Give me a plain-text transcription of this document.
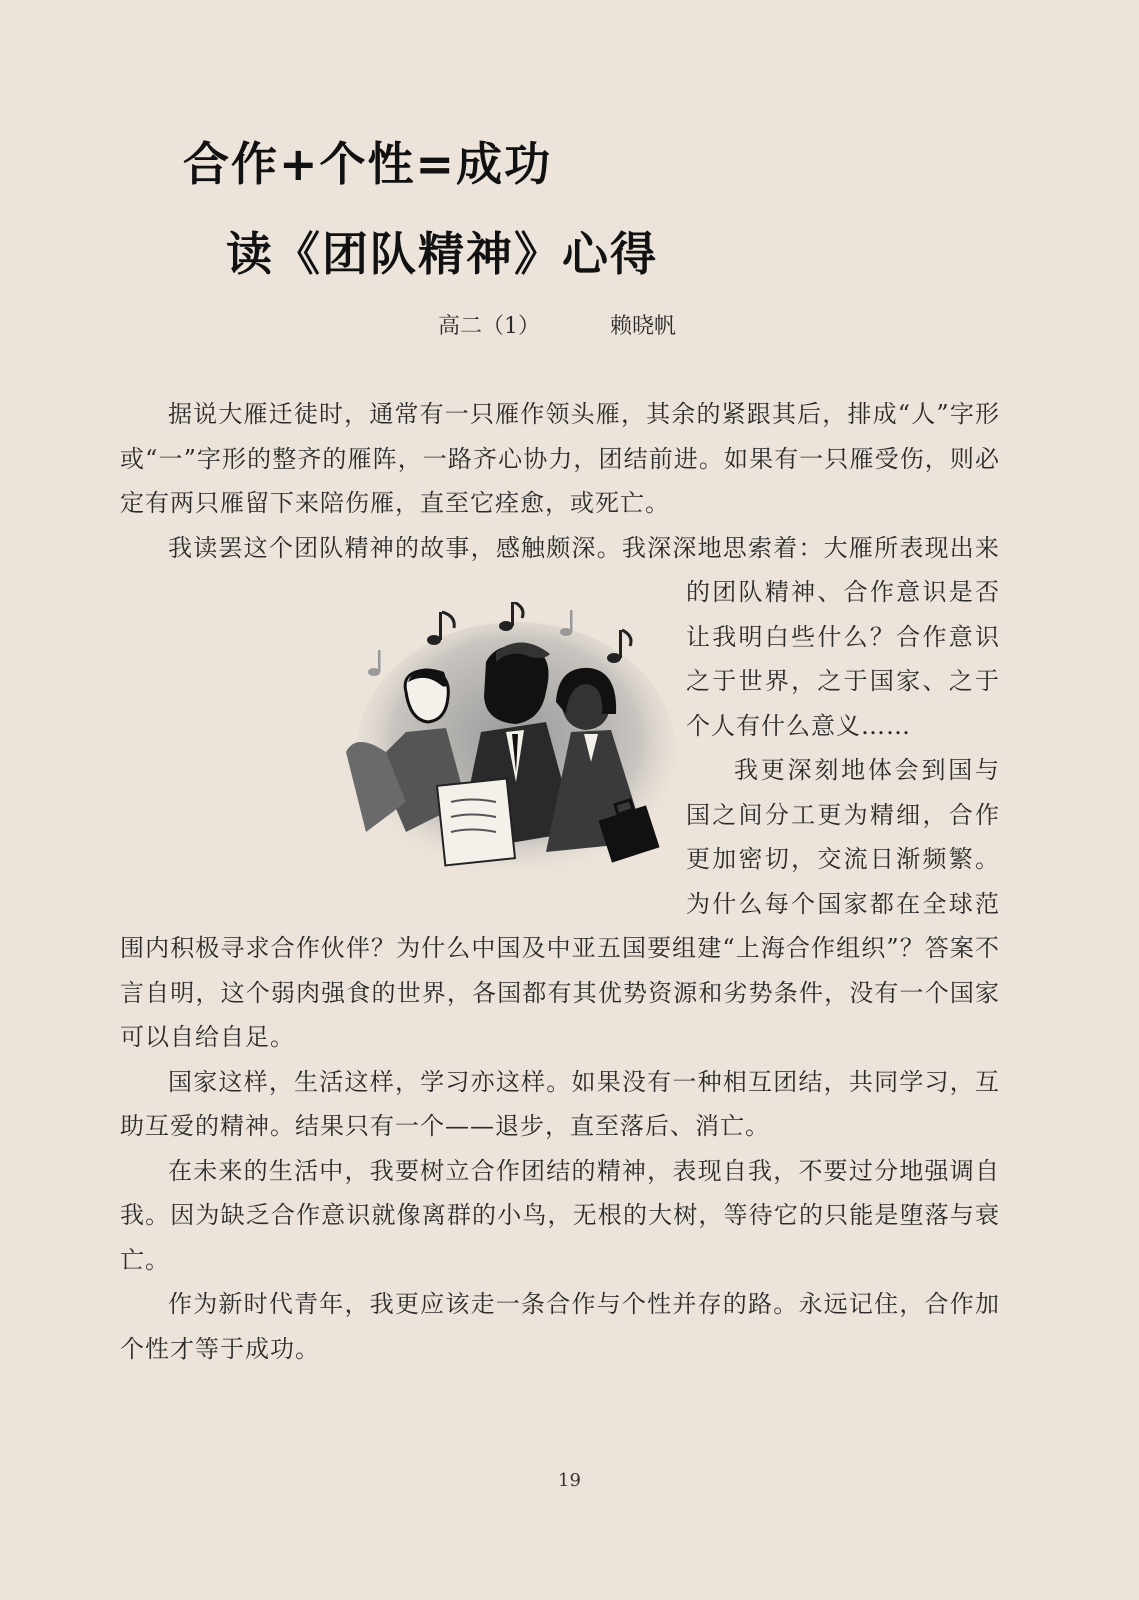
合作+个性=成功
读《团队精神》心得
高二（1）	赖晓帆

据说大雁迁徒时，通常有一只雁作领头雁，其余的紧跟其后，排成“人”字形或“一”字形的整齐的雁阵，一路齐心协力，团结前进。如果有一只雁受伤，则必定有两只雁留下来陪伤雁，直至它痊愈，或死亡。

我读罢这个团队精神的故事，感触颇深。我深深地思索着：大雁所表现出来的团队精神、合作意识是否让我明白些什么？合作意识之于世界，之于国家、之于个人有什么意义……

我更深刻地体会到国与国之间分工更为精细，合作更加密切，交流日渐频繁。为什么每个国家都在全球范围内积极寻求合作伙伴？为什么中国及中亚五国要组建“上海合作组织”？答案不言自明，这个弱肉强食的世界，各国都有其优势资源和劣势条件，没有一个国家可以自给自足。

国家这样，生活这样，学习亦这样。如果没有一种相互团结，共同学习，互助互爱的精神。结果只有一个——退步，直至落后、消亡。

在未来的生活中，我要树立合作团结的精神，表现自我，不要过分地强调自我。因为缺乏合作意识就像离群的小鸟，无根的大树，等待它的只能是堕落与衰亡。

作为新时代青年，我更应该走一条合作与个性并存的路。永远记住，合作加个性才等于成功。

19
